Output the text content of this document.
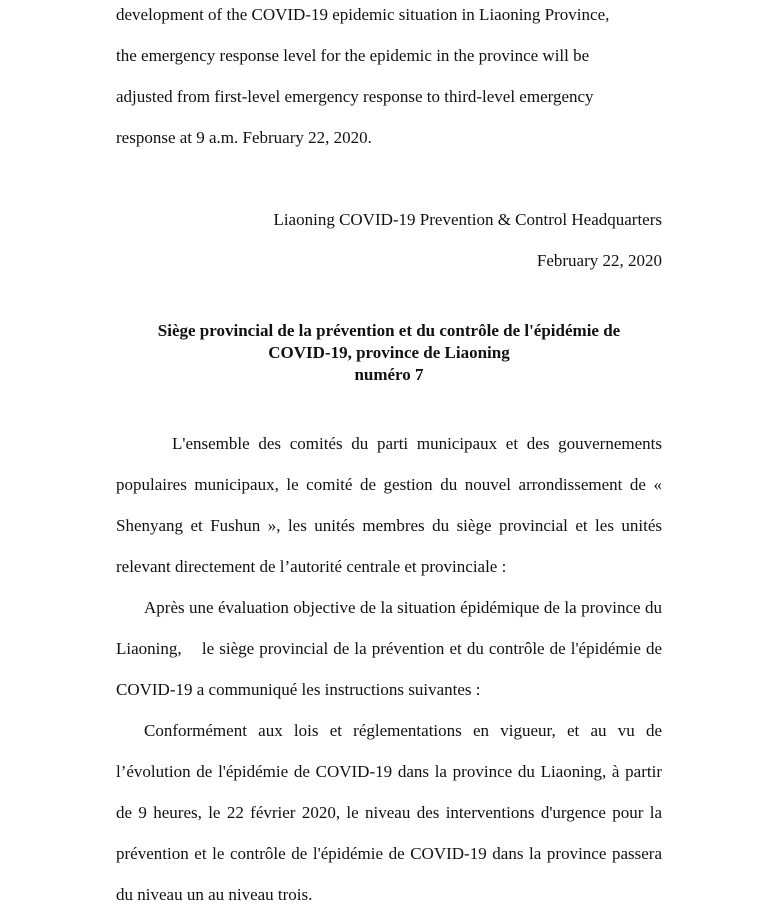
development of the COVID-19 epidemic situation in Liaoning Province,

the emergency response level for the epidemic in the province will be

adjusted from first-level emergency response to third-level emergency

response at 9 a.m. February 22, 2020.

Liaoning COVID-19 Prevention & Control Headquarters

February 22, 2020

Siège provincial de la prévention et du contrôle de l'épidémie de
COVID-19, province de Liaoning
numéro 7

L'ensemble des comités du parti municipaux et des gouvernements populaires municipaux, le comité de gestion du nouvel arrondissement de « Shenyang et Fushun », les unités membres du siège provincial et les unités relevant directement de l’autorité centrale et provinciale :

Après une évaluation objective de la situation épidémique de la province du Liaoning,    le siège provincial de la prévention et du contrôle de l'épidémie de COVID-19 a communiqué les instructions suivantes :

Conformément aux lois et réglementations en vigueur, et au vu de l’évolution de l'épidémie de COVID-19 dans la province du Liaoning, à partir de 9 heures, le 22 février 2020, le niveau des interventions d'urgence pour la prévention et le contrôle de l'épidémie de COVID-19 dans la province passera du niveau un au niveau trois.
